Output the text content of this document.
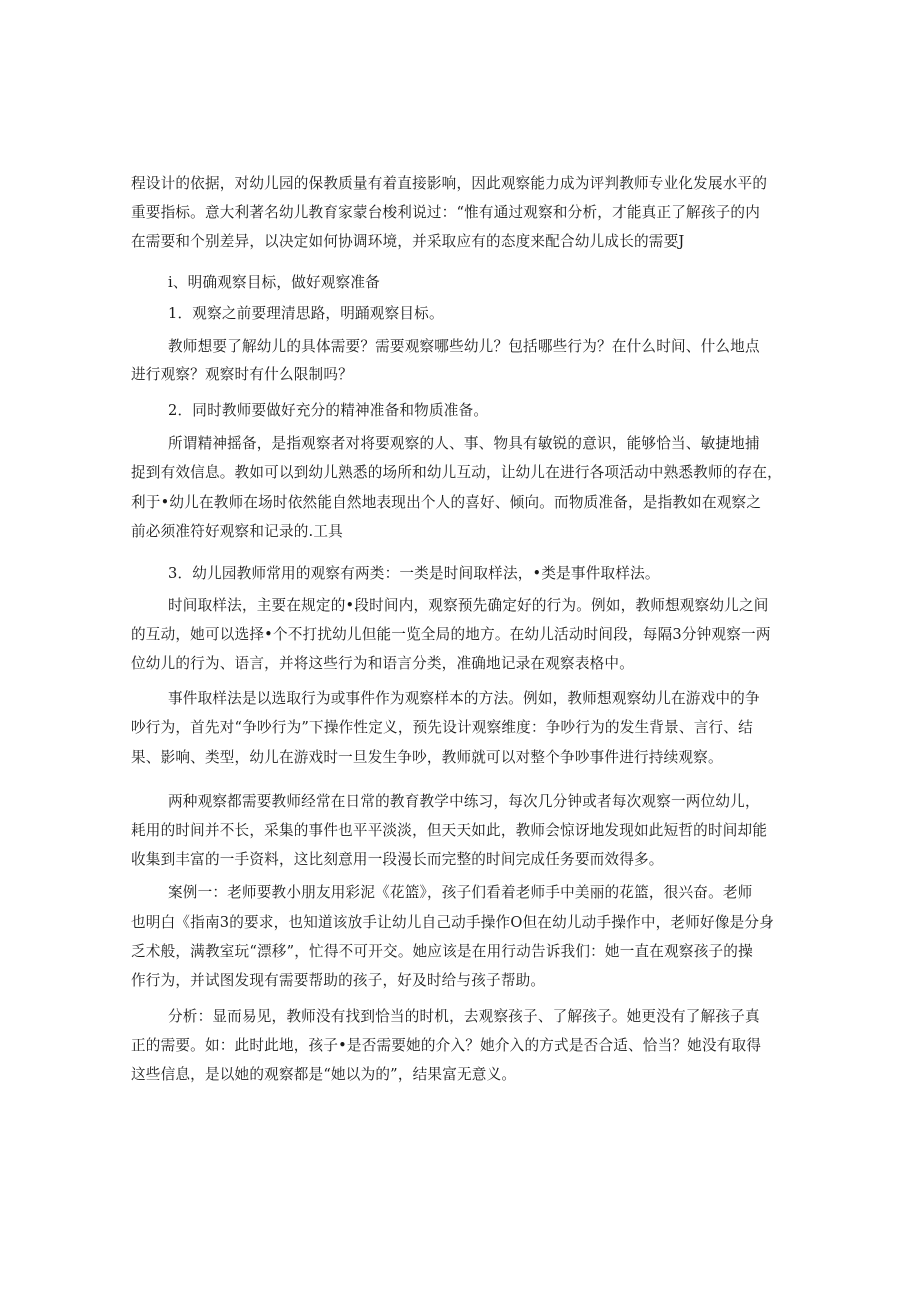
程设计的依据，对幼儿园的保教质量有着直接影响，因此观察能力成为评判教师专业化发展水平的
重要指标。意大利著名幼儿教育家蒙台梭利说过：“惟有通过观察和分析，才能真正了解孩子的内
在需要和个别差异，以决定如何协调环境，并采取应有的态度来配合幼儿成长的需要J
i、明确观察目标，做好观察准备
1．观察之前要理清思路，明踊观察目标。
教师想要了解幼儿的具体需要？需要观察哪些幼儿？包括哪些行为？在什么时间、什么地点
进行观察？观察时有什么限制吗？
2．同时教师要做好充分的精神准备和物质准备。
所谓精神摇备，是指观察者对将要观察的人、事、物具有敏锐的意识，能够恰当、敏捷地捕
捉到有效信息。教如可以到幼儿熟悉的场所和幼儿互动，让幼儿在进行各项活动中熟悉教师的存在，
利于•幼儿在教师在场时依然能自然地表现出个人的喜好、倾向。而物质准备，是指教如在观察之
前必须准符好观察和记录的.工具
3．幼儿园教师常用的观察有两类：一类是时间取样法，•类是事件取样法。
时间取样法，主要在规定的•段时间内，观察预先确定好的行为。例如，教师想观察幼儿之间
的互动，她可以选择•个不打扰幼儿但能一览全局的地方。在幼儿活动时间段，每隔3分钟观察一两
位幼儿的行为、语言，并将这些行为和语言分类，准确地记录在观察表格中。
事件取样法是以选取行为或事件作为观察样本的方法。例如，教师想观察幼儿在游戏中的争
吵行为，首先对“争吵行为”下操作性定义，预先设计观察维度：争吵行为的发生背景、言行、结
果、影响、类型，幼儿在游戏时一旦发生争吵，教师就可以对整个争吵事件进行持续观察。
两种观察都需要教师经常在日常的教育教学中练习，每次几分钟或者每次观察一两位幼儿，
耗用的时间并不长，采集的事件也平平淡淡，但天天如此，教师会惊讶地发现如此短哲的时间却能
收集到丰富的一手资料，这比刻意用一段漫长而完整的时间完成任务要而效得多。
案例一：老师要教小朋友用彩泥《花篮》，孩子们看着老师手中美丽的花篮，很兴奋。老师
也明白《指南3的要求，也知道该放手让幼儿自己动手操作O但在幼儿动手操作中，老师好像是分身
乏术般，满教室玩“漂移”，忙得不可开交。她应该是在用行动告诉我们：她一直在观察孩子的操
作行为，并试图发现有需要帮助的孩子，好及时给与孩子帮助。
分析：显而易见，教师没有找到恰当的时机，去观察孩子、了解孩子。她更没有了解孩子真
正的需要。如：此时此地，孩子•是否需要她的介入？她介入的方式是否合适、恰当？她没有取得
这些信息，是以她的观察都是“她以为的”，结果富无意义。
